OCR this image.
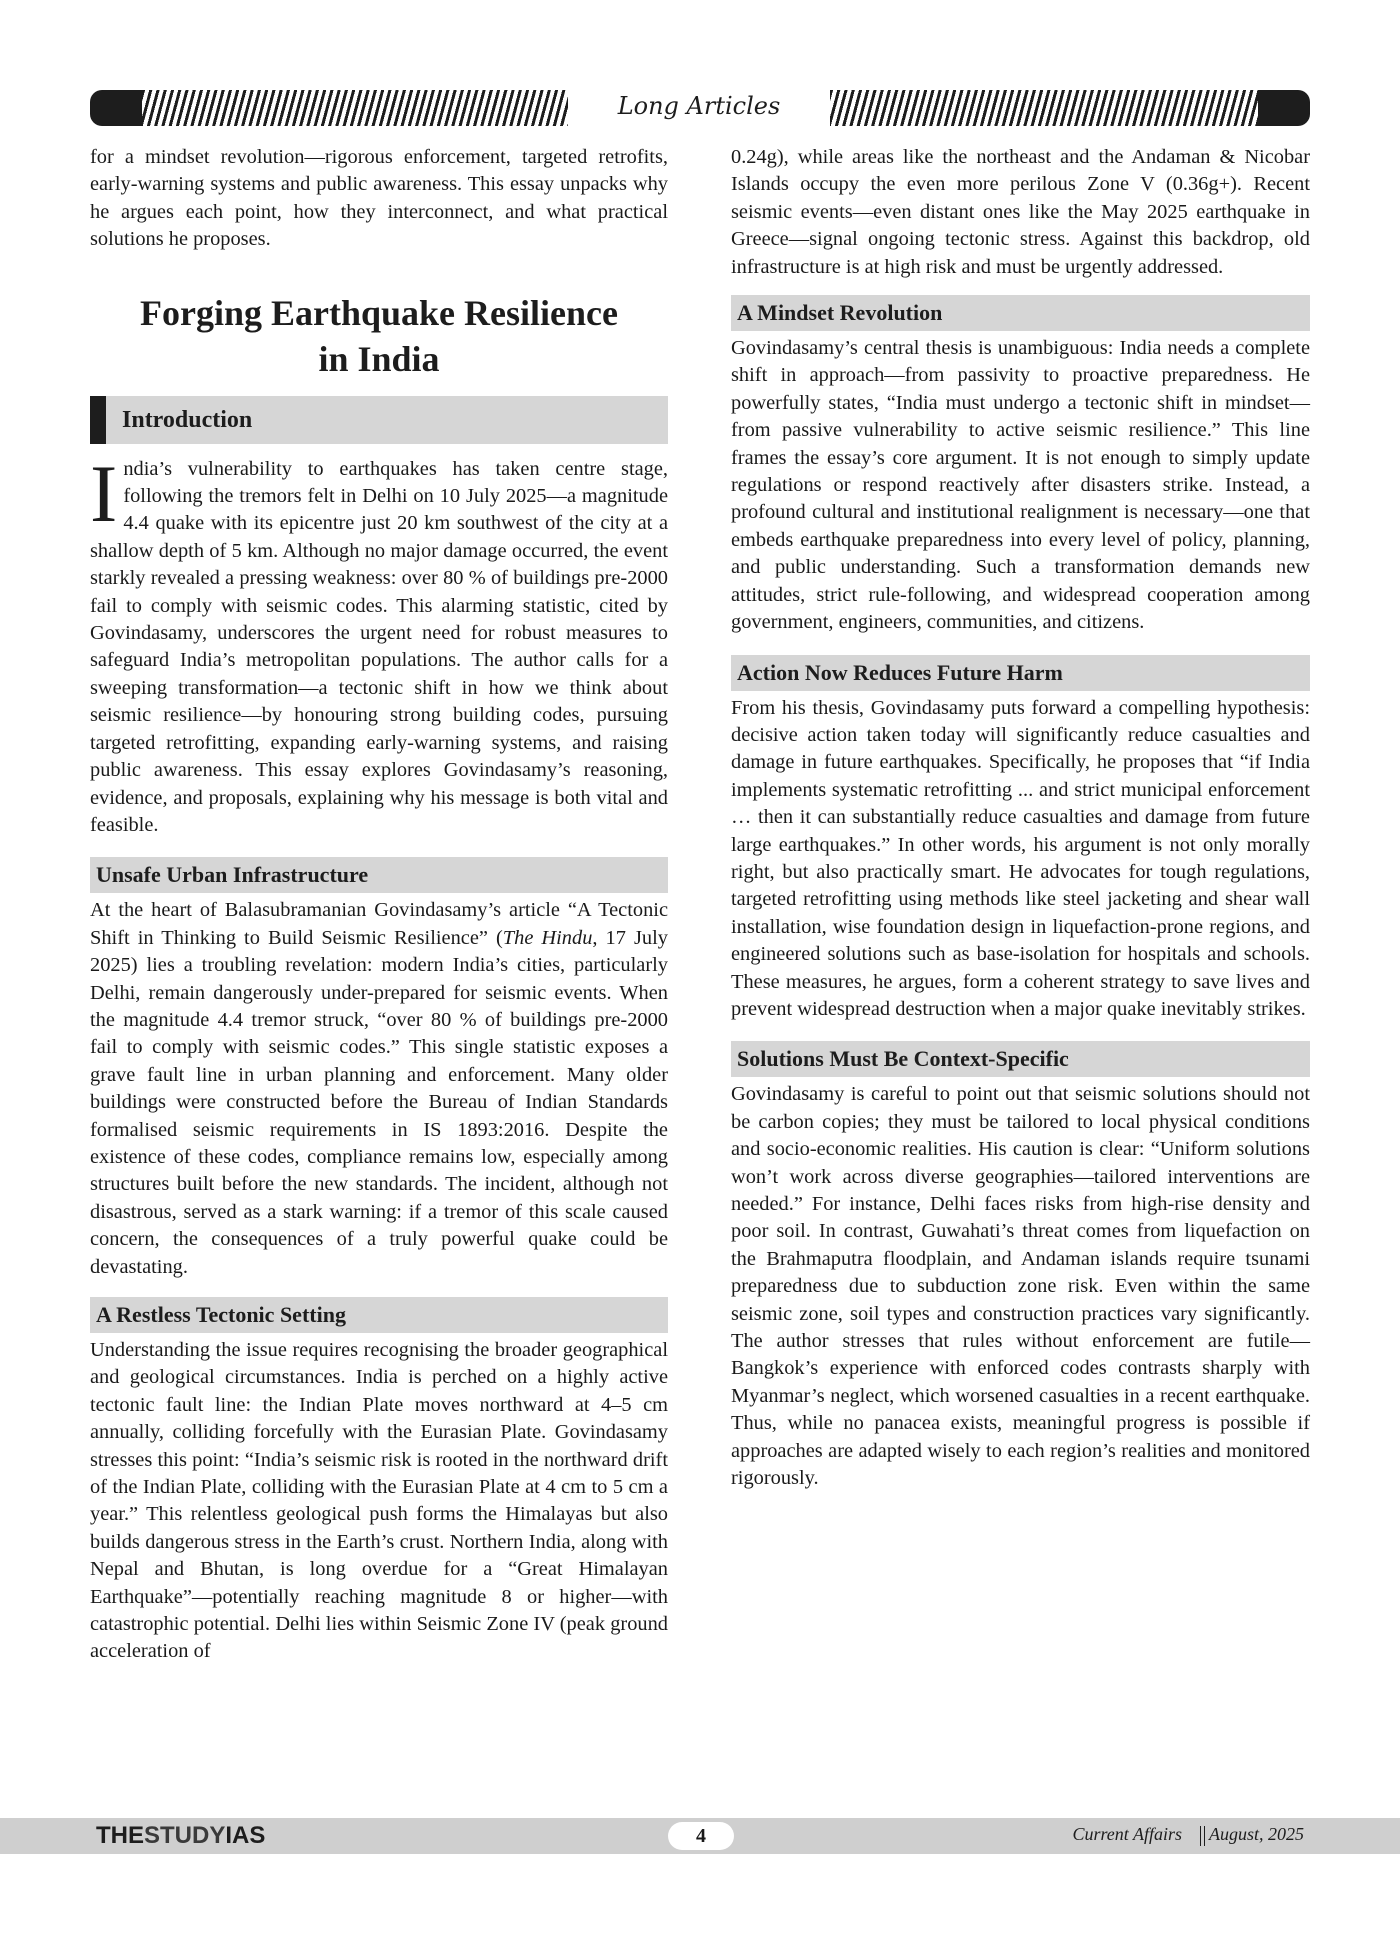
Long Articles

for a mindset revolution—rigorous enforcement, targeted retrofits, early-warning systems and public awareness. This essay unpacks why he argues each point, how they interconnect, and what practical solutions he proposes.

Forging Earthquake Resilience
in India
Introduction

India’s vulnerability to earthquakes has taken centre stage, following the tremors felt in Delhi on 10 July 2025—a magnitude 4.4 quake with its epicentre just 20 km southwest of the city at a shallow depth of 5 km. Although no major damage occurred, the event starkly revealed a pressing weakness: over 80 % of buildings pre-2000 fail to comply with seismic codes. This alarming statistic, cited by Govindasamy, underscores the urgent need for robust measures to safeguard India’s metropolitan populations. The author calls for a sweeping transformation—a tectonic shift in how we think about seismic resilience—by honouring strong building codes, pursuing targeted retrofitting, expanding early-warning systems, and raising public awareness. This essay explores Govindasamy’s reasoning, evidence, and proposals, explaining why his message is both vital and feasible.

Unsafe Urban Infrastructure

At the heart of Balasubramanian Govindasamy’s article “A Tectonic Shift in Thinking to Build Seismic Resilience” (The Hindu, 17 July 2025) lies a troubling revelation: modern India’s cities, particularly Delhi, remain dangerously under-prepared for seismic events. When the magnitude 4.4 tremor struck, “over 80 % of buildings pre-2000 fail to comply with seismic codes.” This single statistic exposes a grave fault line in urban planning and enforcement. Many older buildings were constructed before the Bureau of Indian Standards formalised seismic requirements in IS 1893:2016. Despite the existence of these codes, compliance remains low, especially among structures built before the new standards. The incident, although not disastrous, served as a stark warning: if a tremor of this scale caused concern, the consequences of a truly powerful quake could be devastating.

A Restless Tectonic Setting

Understanding the issue requires recognising the broader geographical and geological circumstances. India is perched on a highly active tectonic fault line: the Indian Plate moves northward at 4–5 cm annually, colliding forcefully with the Eurasian Plate. Govindasamy stresses this point: “India’s seismic risk is rooted in the northward drift of the Indian Plate, colliding with the Eurasian Plate at 4 cm to 5 cm a year.” This relentless geological push forms the Himalayas but also builds dangerous stress in the Earth’s crust. Northern India, along with Nepal and Bhutan, is long overdue for a “Great Himalayan Earthquake”—potentially reaching magnitude 8 or higher—with catastrophic potential. Delhi lies within Seismic Zone IV (peak ground acceleration of

0.24g), while areas like the northeast and the Andaman & Nicobar Islands occupy the even more perilous Zone V (0.36g+). Recent seismic events—even distant ones like the May 2025 earthquake in Greece—signal ongoing tectonic stress. Against this backdrop, old infrastructure is at high risk and must be urgently addressed.

A Mindset Revolution

Govindasamy’s central thesis is unambiguous: India needs a complete shift in approach—from passivity to proactive preparedness. He powerfully states, “India must undergo a tectonic shift in mindset—from passive vulnerability to active seismic resilience.” This line frames the essay’s core argument. It is not enough to simply update regulations or respond reactively after disasters strike. Instead, a profound cultural and institutional realignment is necessary—one that embeds earthquake preparedness into every level of policy, planning, and public understanding. Such a transformation demands new attitudes, strict rule-following, and widespread cooperation among government, engineers, communities, and citizens.

Action Now Reduces Future Harm

From his thesis, Govindasamy puts forward a compelling hypothesis: decisive action taken today will significantly reduce casualties and damage in future earthquakes. Specifically, he proposes that “if India implements systematic retrofitting ... and strict municipal enforcement … then it can substantially reduce casualties and damage from future large earthquakes.” In other words, his argument is not only morally right, but also practically smart. He advocates for tough regulations, targeted retrofitting using methods like steel jacketing and shear wall installation, wise foundation design in liquefaction-prone regions, and engineered solutions such as base-isolation for hospitals and schools. These measures, he argues, form a coherent strategy to save lives and prevent widespread destruction when a major quake inevitably strikes.

Solutions Must Be Context-Specific

Govindasamy is careful to point out that seismic solutions should not be carbon copies; they must be tailored to local physical conditions and socio-economic realities. His caution is clear: “Uniform solutions won’t work across diverse geographies—tailored interventions are needed.” For instance, Delhi faces risks from high-rise density and poor soil. In contrast, Guwahati’s threat comes from liquefaction on the Brahmaputra floodplain, and Andaman islands require tsunami preparedness due to subduction zone risk. Even within the same seismic zone, soil types and construction practices vary significantly. The author stresses that rules without enforcement are futile—Bangkok’s experience with enforced codes contrasts sharply with Myanmar’s neglect, which worsened casualties in a recent earthquake. Thus, while no panacea exists, meaningful progress is possible if approaches are adapted wisely to each region’s realities and monitored rigorously.

THESTUDYIAS	4	Current Affairs August, 2025
